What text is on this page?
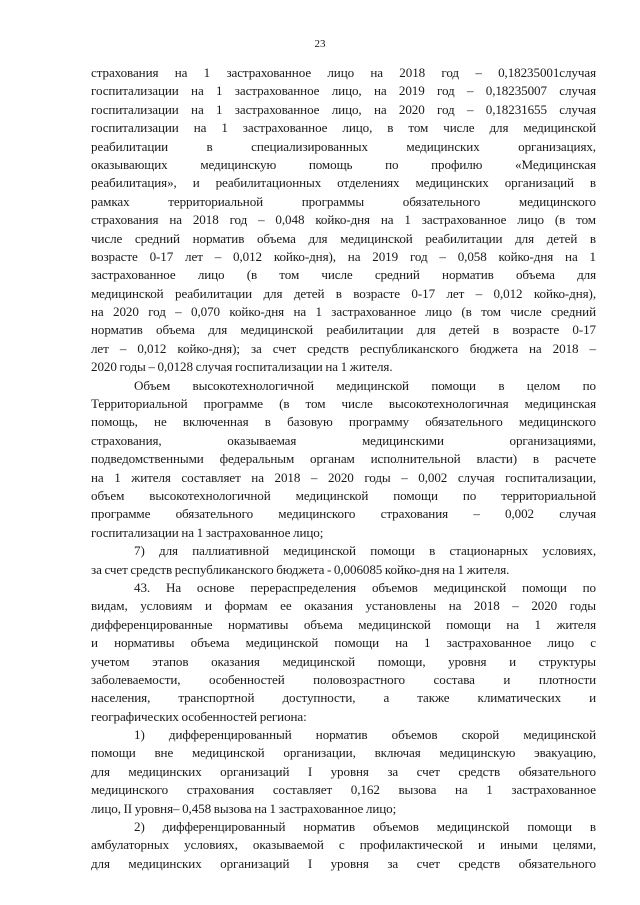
23
страхования на 1 застрахованное лицо на 2018 год – 0,18235001случая
госпитализации на 1 застрахованное лицо, на 2019 год – 0,18235007 случая
госпитализации на 1 застрахованное лицо, на 2020 год – 0,18231655 случая
госпитализации на 1 застрахованное лицо, в том числе для медицинской
реабилитации в специализированных медицинских организациях,
оказывающих медицинскую помощь по профилю «Медицинская
реабилитация», и реабилитационных отделениях медицинских организаций в
рамках территориальной программы обязательного медицинского
страхования на 2018 год – 0,048 койко-дня на 1 застрахованное лицо (в том
числе средний норматив объема для медицинской реабилитации для детей в
возрасте 0-17 лет – 0,012 койко-дня), на 2019 год – 0,058 койко-дня на 1
застрахованное лицо (в том числе средний норматив объема для
медицинской реабилитации для детей в возрасте 0-17 лет – 0,012 койко-дня),
на 2020 год – 0,070 койко-дня на 1 застрахованное лицо (в том числе средний
норматив объема для медицинской реабилитации для детей в возрасте 0-17
лет – 0,012 койко-дня); за счет средств республиканского бюджета на 2018 –
2020 годы – 0,0128 случая госпитализации на 1 жителя.
Объем высокотехнологичной медицинской помощи в целом по
Территориальной программе (в том числе высокотехнологичная медицинская
помощь, не включенная в базовую программу обязательного медицинского
страхования, оказываемая медицинскими организациями,
подведомственными федеральным органам исполнительной власти) в расчете
на 1 жителя составляет на 2018 – 2020 годы – 0,002 случая госпитализации,
объем высокотехнологичной медицинской помощи по территориальной
программе обязательного медицинского страхования – 0,002 случая
госпитализации на 1 застрахованное лицо;
7) для паллиативной медицинской помощи в стационарных условиях,
за счет средств республиканского бюджета - 0,006085 койко-дня на 1 жителя.
43. На основе перераспределения объемов медицинской помощи по
видам, условиям и формам ее оказания установлены на 2018 – 2020 годы
дифференцированные нормативы объема медицинской помощи на 1 жителя
и нормативы объема медицинской помощи на 1 застрахованное лицо с
учетом этапов оказания медицинской помощи, уровня и структуры
заболеваемости, особенностей половозрастного состава и плотности
населения, транспортной доступности, а также климатических и
географических особенностей региона:
1) дифференцированный норматив объемов скорой медицинской
помощи вне медицинской организации, включая медицинскую эвакуацию,
для медицинских организаций I уровня за счет средств обязательного
медицинского страхования составляет 0,162 вызова на 1 застрахованное
лицо, II уровня– 0,458 вызова на 1 застрахованное лицо;
2) дифференцированный норматив объемов медицинской помощи в
амбулаторных условиях, оказываемой с профилактической и иными целями,
для медицинских организаций I уровня за счет средств обязательного
